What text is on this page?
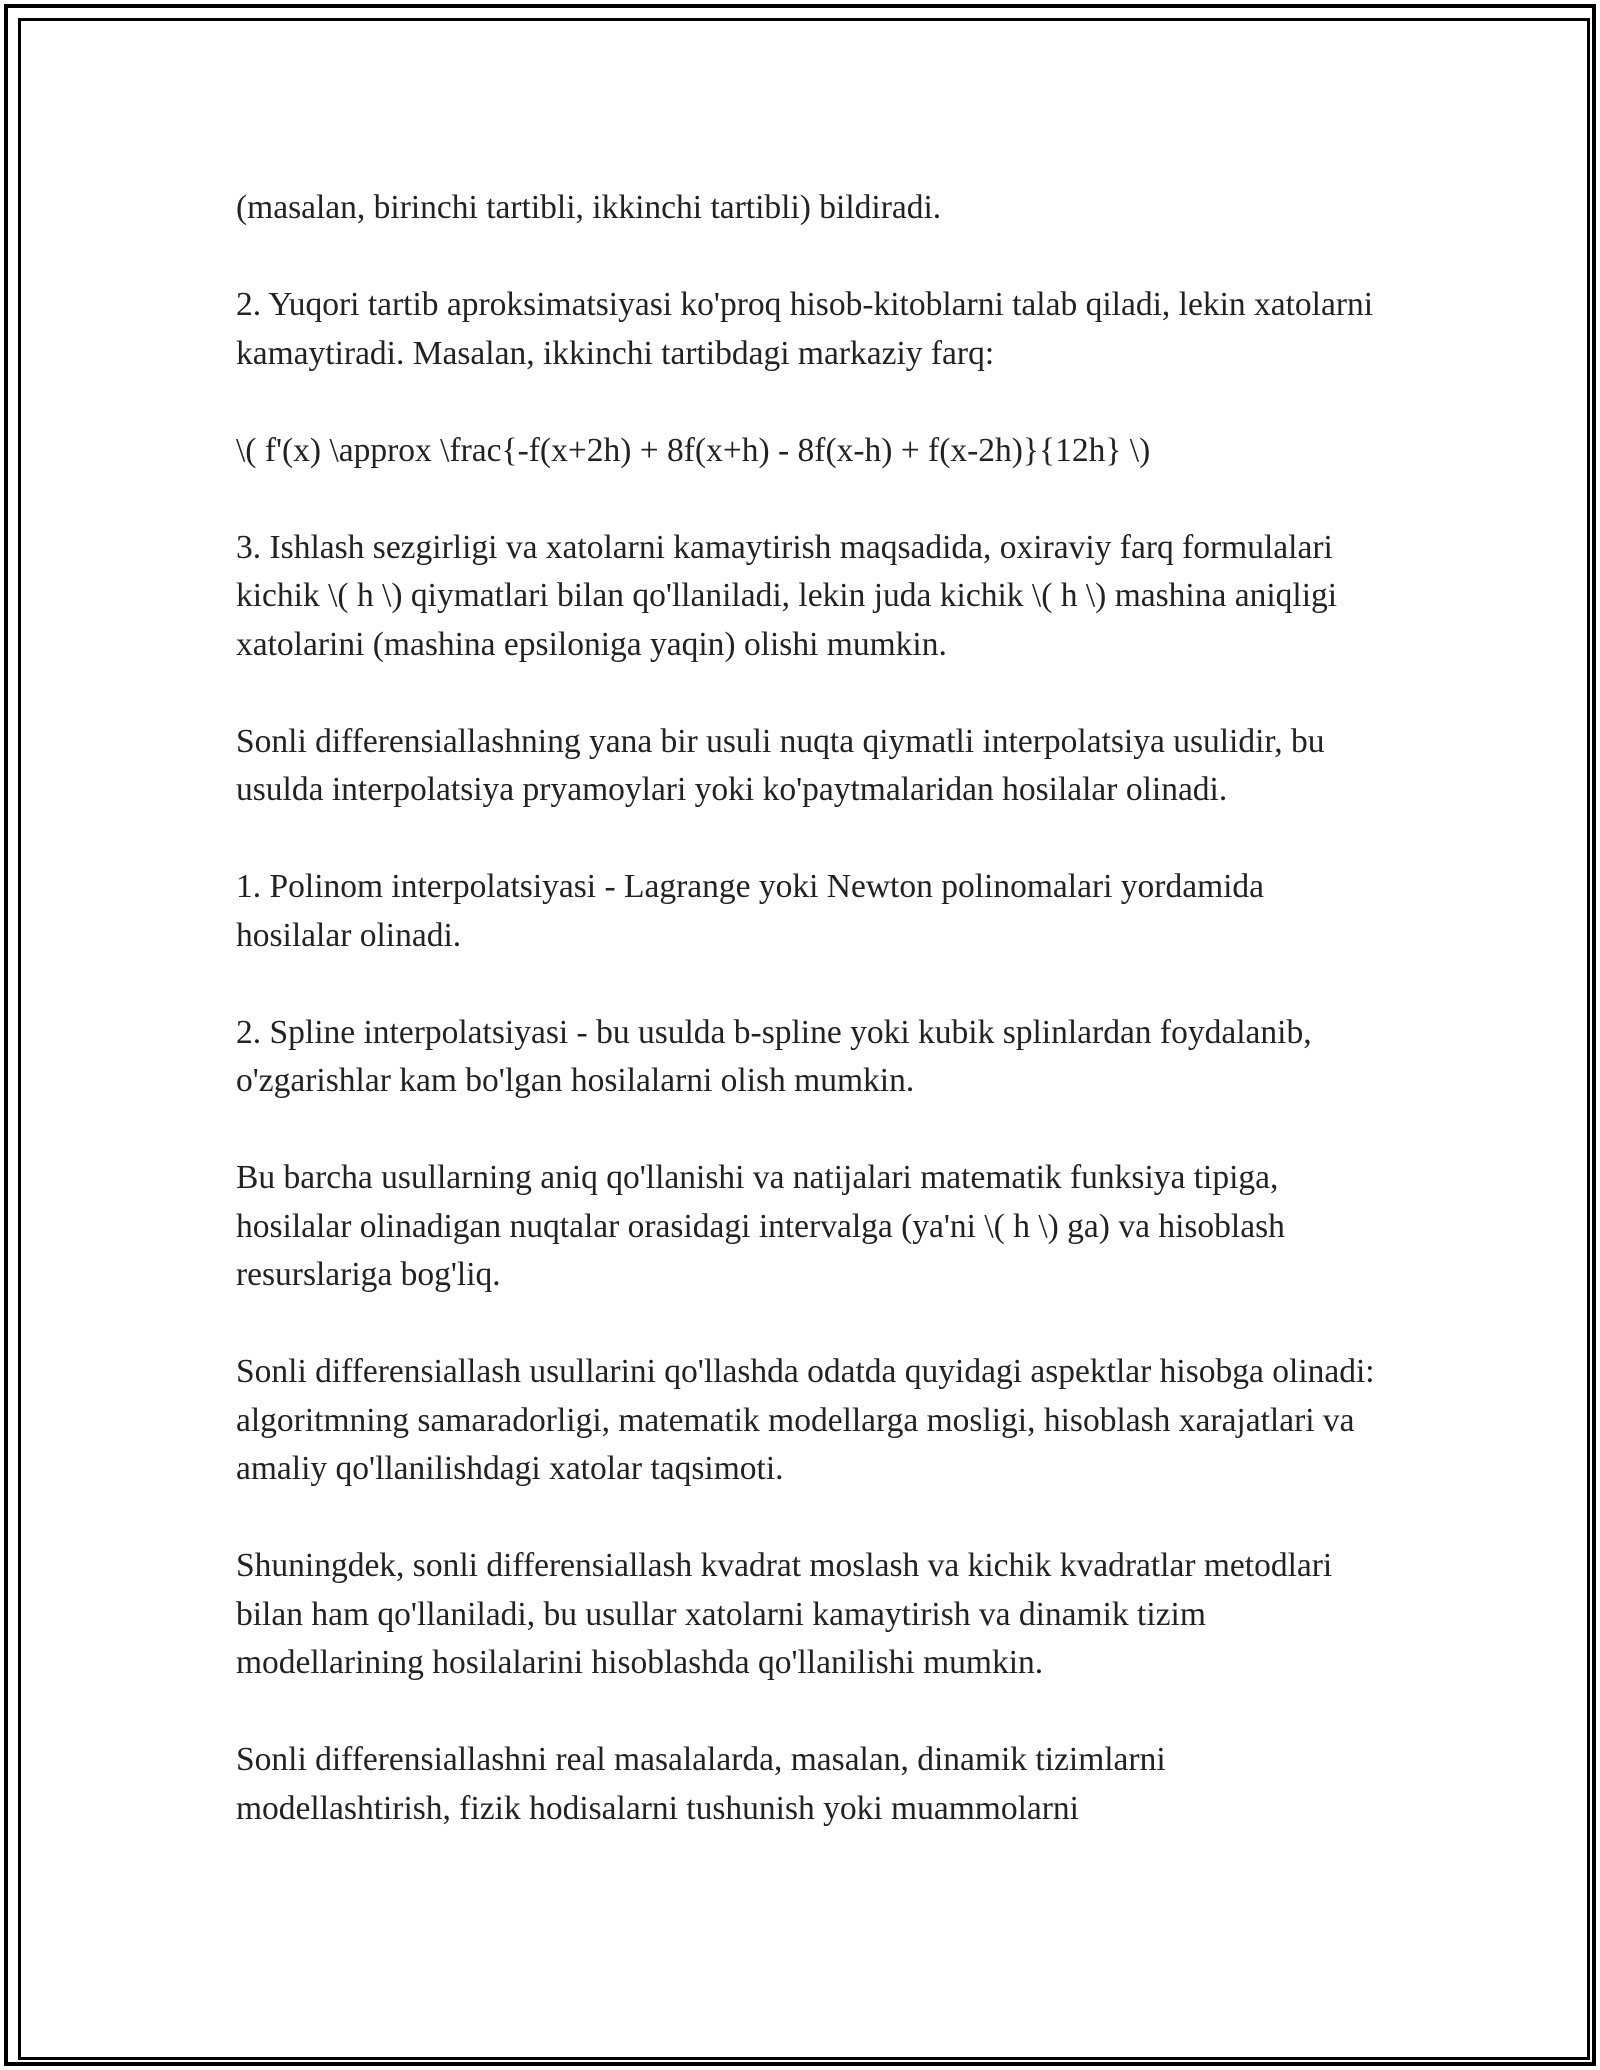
(masalan, birinchi tartibli, ikkinchi tartibli) bildiradi.

2. Yuqori tartib aproksimatsiyasi ko'proq hisob-kitoblarni talab qiladi, lekin xatolarni kamaytiradi. Masalan, ikkinchi tartibdagi markaziy farq:

\( f'(x) \approx \frac{-f(x+2h) + 8f(x+h) - 8f(x-h) + f(x-2h)}{12h} \)

3. Ishlash sezgirligi va xatolarni kamaytirish maqsadida, oxiraviy farq formulalari kichik \( h \) qiymatlari bilan qo'llaniladi, lekin juda kichik \( h \) mashina aniqligi xatolarini (mashina epsiloniga yaqin) olishi mumkin.

Sonli differensiallashning yana bir usuli nuqta qiymatli interpolatsiya usulidir, bu usulda interpolatsiya pryamoylari yoki ko'paytmalaridan hosilalar olinadi.

1. Polinom interpolatsiyasi - Lagrange yoki Newton polinomalari yordamida hosilalar olinadi.

2. Spline interpolatsiyasi - bu usulda b-spline yoki kubik splinlardan foydalanib, o'zgarishlar kam bo'lgan hosilalarni olish mumkin.

Bu barcha usullarning aniq qo'llanishi va natijalari matematik funksiya tipiga, hosilalar olinadigan nuqtalar orasidagi intervalga (ya'ni \( h \) ga) va hisoblash resurslariga bog'liq.

Sonli differensiallash usullarini qo'llashda odatda quyidagi aspektlar hisobga olinadi: algoritmning samaradorligi, matematik modellarga mosligi, hisoblash xarajatlari va amaliy qo'llanilishdagi xatolar taqsimoti.

Shuningdek, sonli differensiallash kvadrat moslash va kichik kvadratlar metodlari bilan ham qo'llaniladi, bu usullar xatolarni kamaytirish va dinamik tizim modellarining hosilalarini hisoblashda qo'llanilishi mumkin.

Sonli differensiallashni real masalalarda, masalan, dinamik tizimlarni modellashtirish, fizik hodisalarni tushunish yoki muammolarni
